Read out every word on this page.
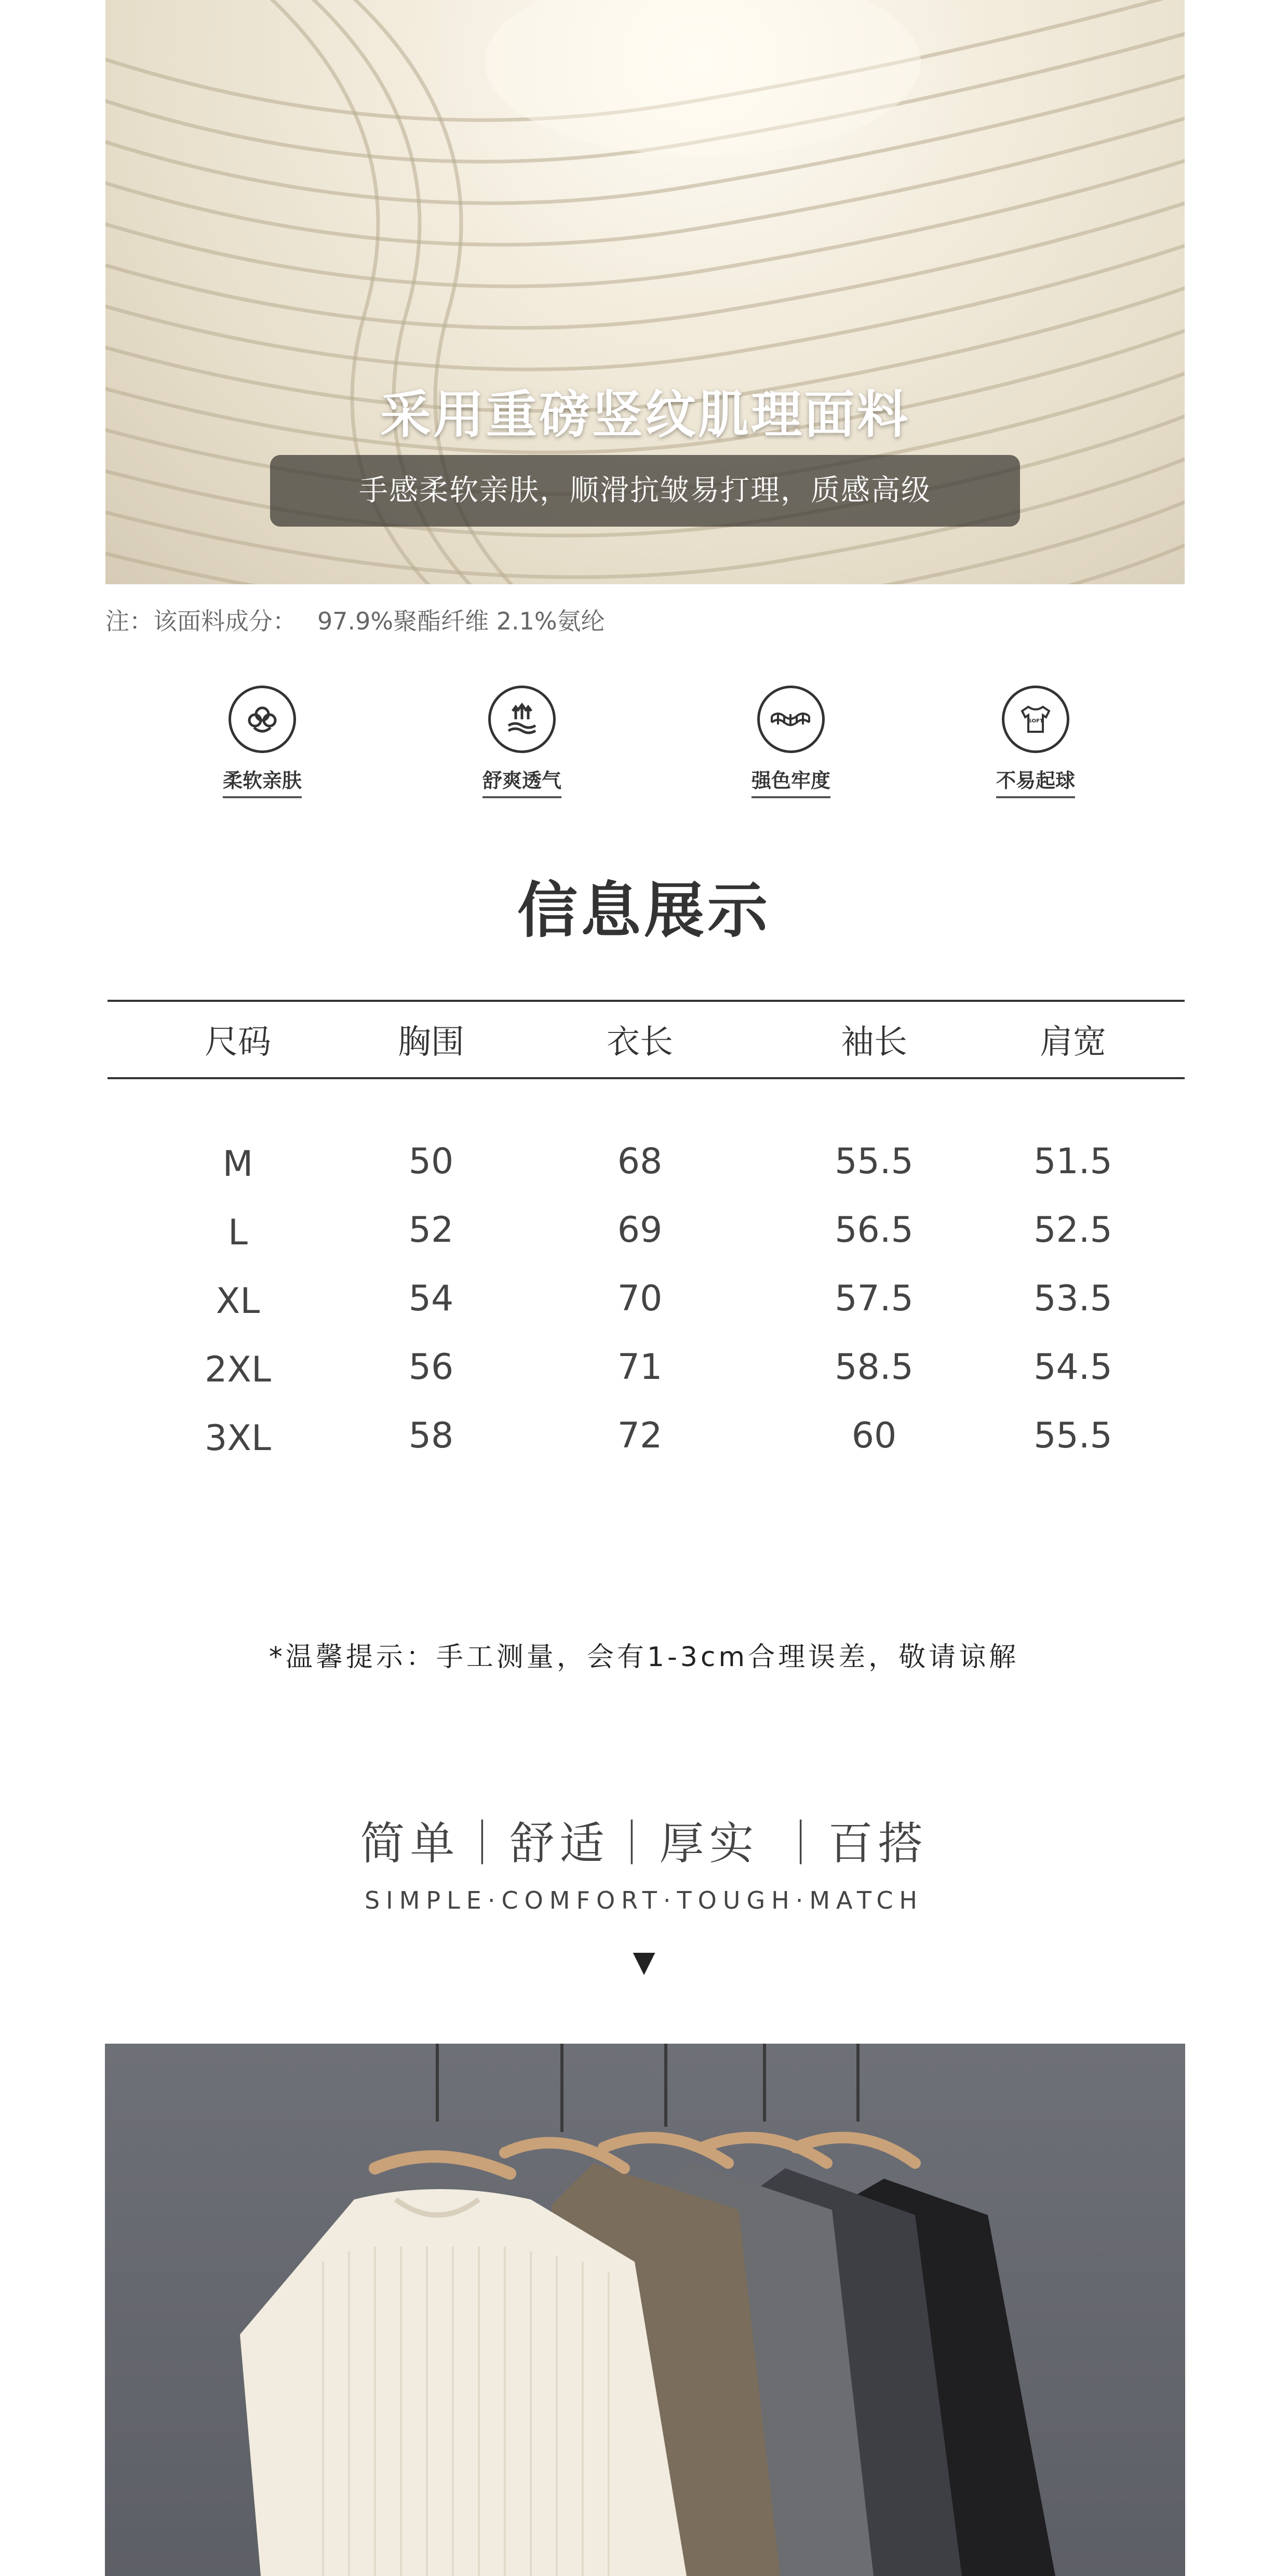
采用重磅竖纹肌理面料
手感柔软亲肤，顺滑抗皱易打理，质感高级
注：该面料成分： 97.9%聚酯纤维 2.1%氨纶
柔软亲肤	舒爽透气	强色牢度
SOFT
不易起球
信息展示
尺码	胸围	衣长	袖长	肩宽
M	50	68	55.5	51.5
L	52	69	56.5	52.5
XL	54	70	57.5	53.5
2XL	56	71	58.5	54.5
3XL	58	72	60	55.5
*温馨提示：手工测量，会有1-3cm合理误差，敬请谅解
简单｜舒适｜厚实 ｜百搭
SIMPLE·COMFORT·TOUGH·MATCH
▼
